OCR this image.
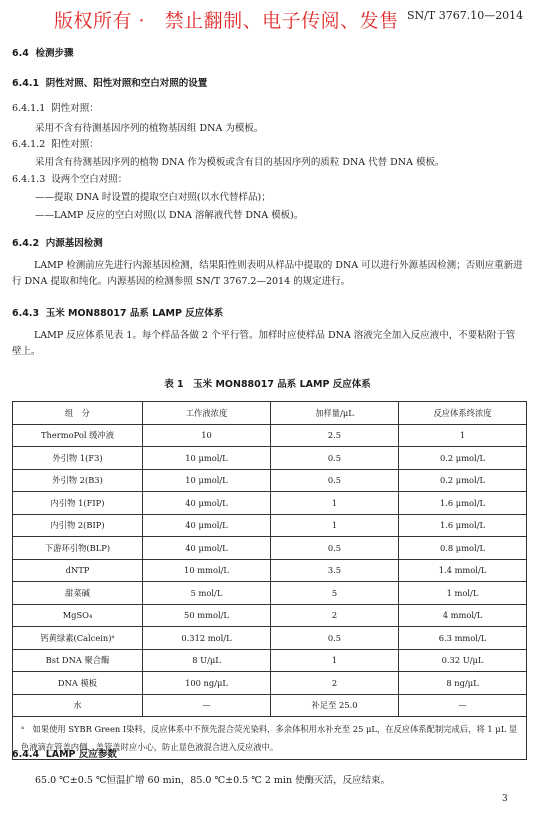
版权所有 ·　禁止翻制、电子传阅、发售 SN/T 3767.10—2014
6.4 检测步骤
6.4.1 阴性对照、阳性对照和空白对照的设置
6.4.1.1 阴性对照：
采用不含有待测基因序列的植物基因组 DNA 为模板。
6.4.1.2 阳性对照：
采用含有待测基因序列的植物 DNA 作为模板或含有目的基因序列的质粒 DNA 代替 DNA 模板。
6.4.1.3 设两个空白对照：
——提取 DNA 时设置的提取空白对照(以水代替样品)；
——LAMP 反应的空白对照(以 DNA 溶解液代替 DNA 模板)。
6.4.2 内源基因检测
LAMP 检测前应先进行内源基因检测，结果阳性则表明从样品中提取的 DNA 可以进行外源基因检测；否则应重新进行 DNA 提取和纯化。内源基因的检测参照 SN/T 3767.2—2014 的规定进行。
6.4.3 玉米 MON88017 品系 LAMP 反应体系
LAMP 反应体系见表 1。每个样品各做 2 个平行管。加样时应使样品 DNA 溶液完全加入反应液中，不要粘附于管壁上。
表 1　玉米 MON88017 品系 LAMP 反应体系
组　分	工作液浓度	加样量/μL	反应体系终浓度
ThermoPol 缓冲液	10	2.5	1
外引物 1(F3)	10 μmol/L	0.5	0.2 μmol/L
外引物 2(B3)	10 μmol/L	0.5	0.2 μmol/L
内引物 1(FIP)	40 μmol/L	1	1.6 μmol/L
内引物 2(BIP)	40 μmol/L	1	1.6 μmol/L
下游环引物(BLP)	40 μmol/L	0.5	0.8 μmol/L
dNTP	10 mmol/L	3.5	1.4 mmol/L
甜菜碱	5 mol/L	5	1 mol/L
MgSO₄	50 mmol/L	2	4 mmol/L
钙黄绿素(Calcein)ᵃ	0.312 mol/L	0.5	6.3 mmol/L
Bst DNA 聚合酶	8 U/μL	1	0.32 U/μL
DNA 模板	100 ng/μL	2	8 ng/μL
水	—	补足至 25.0	—
ᵃ　如果使用 SYBR Green Ⅰ染料，反应体系中不预先混合荧光染料，多余体积用水补充至 25 μL，在反应体系配制完成后，将 1 μL 显色液滴在管盖内侧，盖管盖时应小心，防止显色液混合进入反应液中。			
6.4.4 LAMP 反应参数
65.0 ℃±0.5 ℃恒温扩增 60 min，85.0 ℃±0.5 ℃ 2 min 使酶灭活，反应结束。
3
